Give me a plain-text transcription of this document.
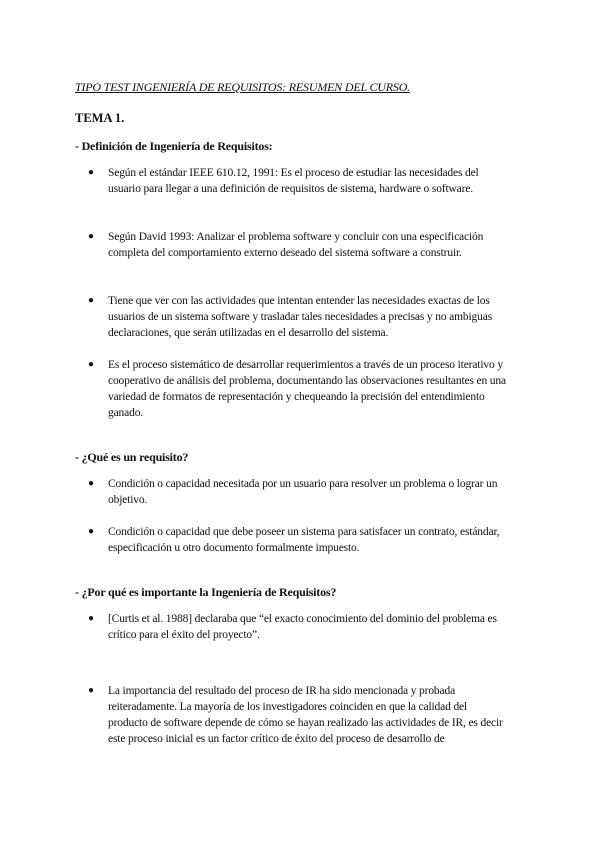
TIPO TEST INGENIERÍA DE REQUISITOS: RESUMEN DEL CURSO.
TEMA 1.
- Definición de Ingeniería de Requisitos:
● Según el estándar IEEE 610.12, 1991: Es el proceso de estudiar las necesidades del usuario para llegar a una definición de requisitos de sistema, hardware o software.
● Según David 1993: Analizar el problema software y concluir con una especificación completa del comportamiento externo deseado del sistema software a construir.
● Tiene que ver con las actividades que intentan entender las necesidades exactas de los usuarios de un sistema software y trasladar tales necesidades a precisas y no ambiguas declaraciones, que serán utilizadas en el desarrollo del sistema.
● Es el proceso sistemático de desarrollar requerimientos a través de un proceso iterativo y cooperativo de análisis del problema, documentando las observaciones resultantes en una variedad de formatos de representación y chequeando la precisión del entendimiento ganado.
- ¿Qué es un requisito?
● Condición o capacidad necesitada por un usuario para resolver un problema o lograr un objetivo.
● Condición o capacidad que debe poseer un sistema para satisfacer un contrato, estándar, especificación u otro documento formalmente impuesto.
- ¿Por qué es importante la Ingeniería de Requisitos?
● [Curtis et al. 1988] declaraba que “el exacto conocimiento del dominio del problema es crítico para el éxito del proyecto”.
● La importancia del resultado del proceso de IR ha sido mencionada y probada reiteradamente. La mayoría de los investigadores coinciden en que la calidad del producto de software depende de cómo se hayan realizado las actividades de IR, es decir este proceso inicial es un factor crítico de éxito del proceso de desarrollo de
